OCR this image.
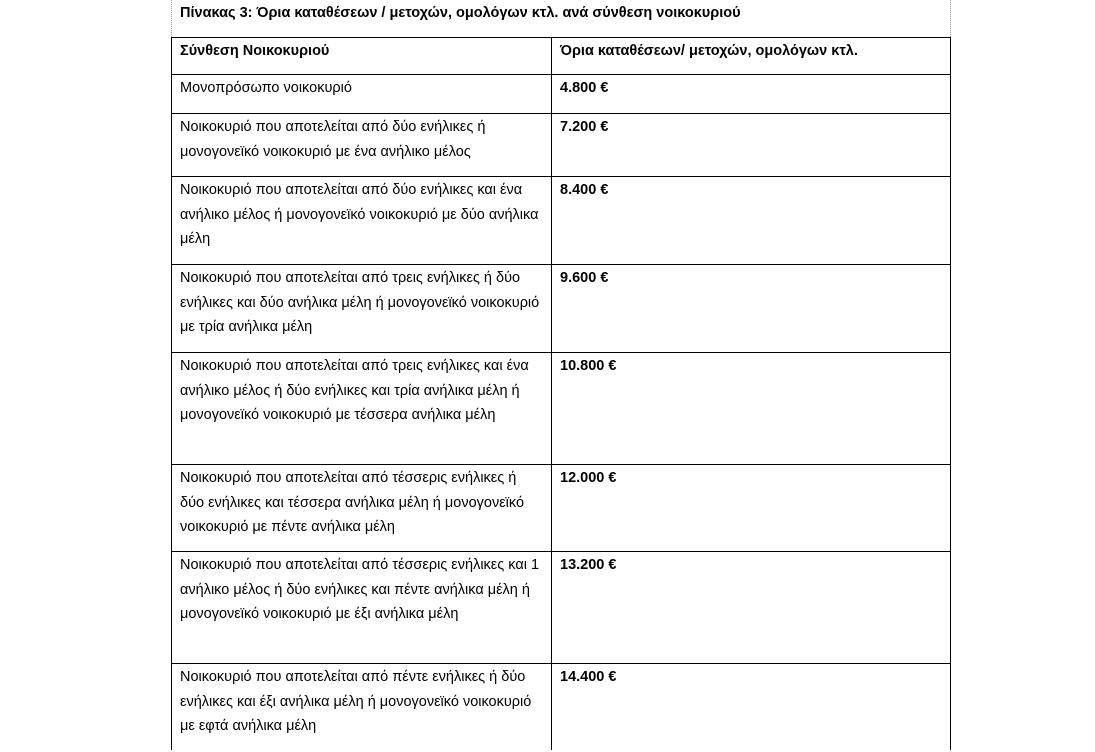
Πίνακας 3: Όρια καταθέσεων / μετοχών, ομολόγων κτλ. ανά σύνθεση νοικοκυριού	
Σύνθεση Νοικοκυριού	Όρια καταθέσεων/ μετοχών, ομολόγων κτλ.
Μονοπρόσωπο νοικοκυριό	4.800 €
Νοικοκυριό που αποτελείται από δύο ενήλικες ή μονογονεϊκό νοικοκυριό με ένα ανήλικο μέλος	7.200 €
Νοικοκυριό που αποτελείται από δύο ενήλικες και ένα ανήλικο μέλος ή μονογονεϊκό νοικοκυριό με δύο ανήλικα μέλη	8.400 €
Νοικοκυριό που αποτελείται από τρεις ενήλικες ή δύο ενήλικες και δύο ανήλικα μέλη ή μονογονεϊκό νοικοκυριό με τρία ανήλικα μέλη	9.600 €
Νοικοκυριό που αποτελείται από τρεις ενήλικες και ένα ανήλικο μέλος ή δύο ενήλικες και τρία ανήλικα μέλη ή μονογονεϊκό νοικοκυριό με τέσσερα ανήλικα μέλη	10.800 €
Νοικοκυριό που αποτελείται από τέσσερις ενήλικες ή δύο ενήλικες και τέσσερα ανήλικα μέλη ή μονογονεϊκό νοικοκυριό με πέντε ανήλικα μέλη	12.000 €
Νοικοκυριό που αποτελείται από τέσσερις ενήλικες και 1 ανήλικο μέλος ή δύο ενήλικες και πέντε ανήλικα μέλη ή μονογονεϊκό νοικοκυριό με έξι ανήλικα μέλη	13.200 €
Νοικοκυριό που αποτελείται από πέντε ενήλικες ή δύο ενήλικες και έξι ανήλικα μέλη ή μονογονεϊκό νοικοκυριό με εφτά ανήλικα μέλη	14.400 €
